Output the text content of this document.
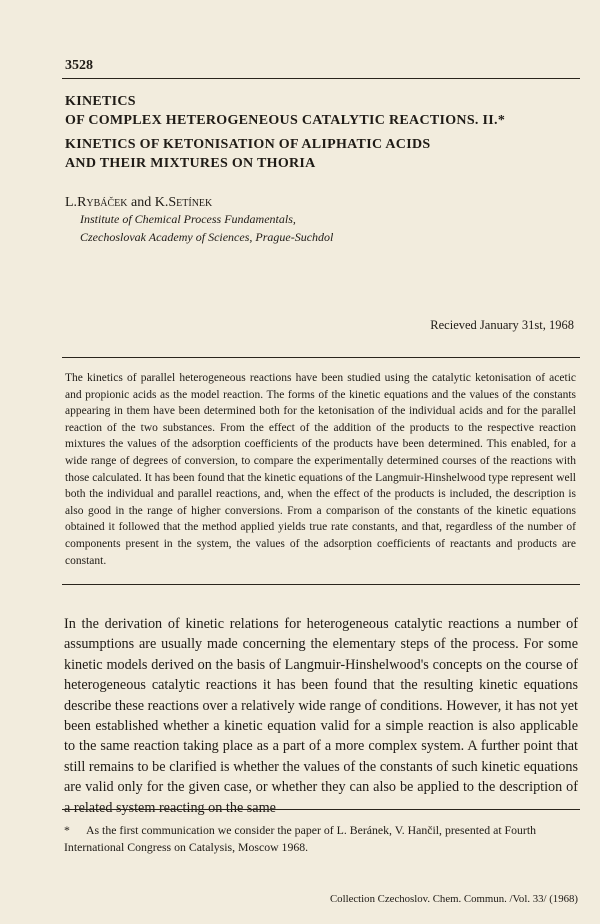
3528
KINETICS
OF COMPLEX HETEROGENEOUS CATALYTIC REACTIONS. II.*
KINETICS OF KETONISATION OF ALIPHATIC ACIDS
AND THEIR MIXTURES ON THORIA
L.Rybáček and K.Setínek
Institute of Chemical Process Fundamentals,
Czechoslovak Academy of Sciences, Prague-Suchdol
Recieved January 31st, 1968
The kinetics of parallel heterogeneous reactions have been studied using the catalytic ketonisation of acetic and propionic acids as the model reaction. The forms of the kinetic equations and the values of the constants appearing in them have been determined both for the ketonisation of the individual acids and for the parallel reaction of the two substances. From the effect of the addition of the products to the respective reaction mixtures the values of the adsorption coefficients of the products have been determined. This enabled, for a wide range of degrees of conversion, to compare the experimentally determined courses of the reactions with those calculated. It has been found that the kinetic equations of the Langmuir-Hinshelwood type represent well both the individual and parallel reactions, and, when the effect of the products is included, the description is also good in the range of higher conversions. From a comparison of the constants of the kinetic equations obtained it followed that the method applied yields true rate constants, and that, regardless of the number of components present in the system, the values of the adsorption coefficients of reactants and products are constant.
In the derivation of kinetic relations for heterogeneous catalytic reactions a number of assumptions are usually made concerning the elementary steps of the process. For some kinetic models derived on the basis of Langmuir-Hinshelwood's concepts on the course of heterogeneous catalytic reactions it has been found that the resulting kinetic equations describe these reactions over a relatively wide range of conditions. However, it has not yet been established whether a kinetic equation valid for a simple reaction is also applicable to the same reaction taking place as a part of a more complex system. A further point that still remains to be clarified is whether the values of the constants of such kinetic equations are valid only for the given case, or whether they can also be applied to the description of a related system reacting on the same
* As the first communication we consider the paper of L. Beránek, V. Hančil, presented at Fourth International Congress on Catalysis, Moscow 1968.
Collection Czechoslov. Chem. Commun. /Vol. 33/ (1968)
